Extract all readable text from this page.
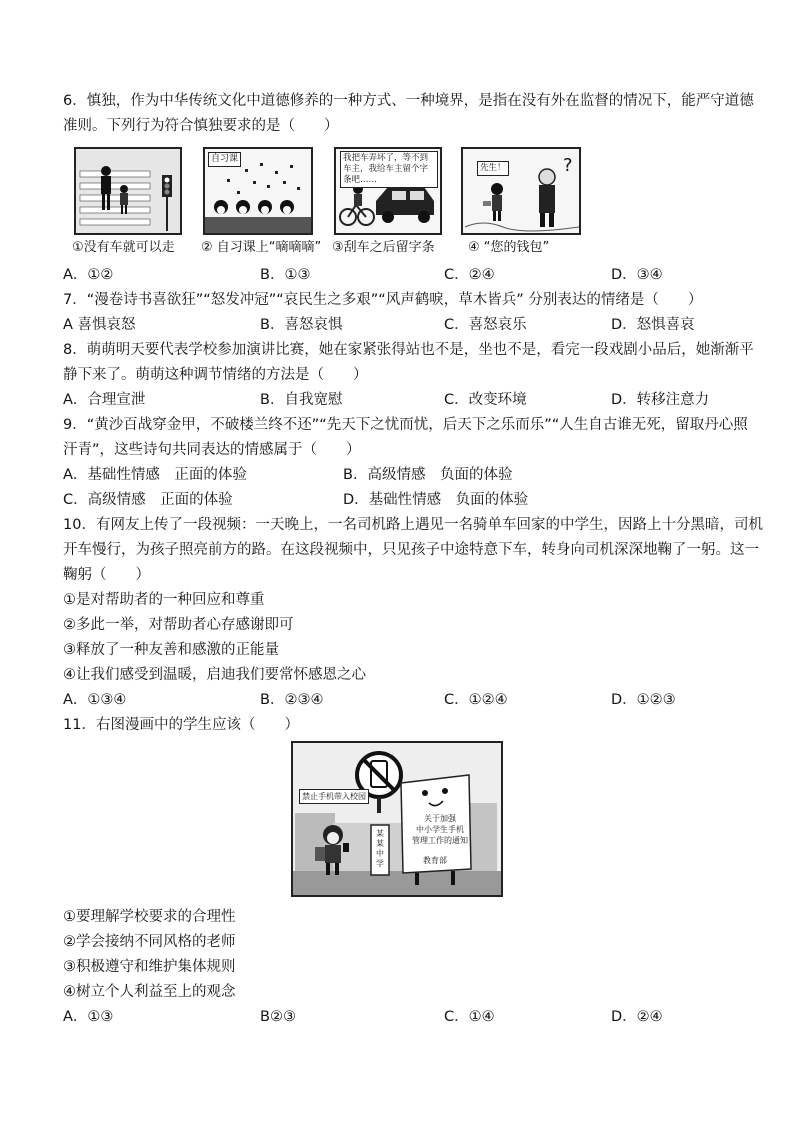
6．慎独，作为中华传统文化中道德修养的一种方式、一种境界，是指在没有外在监督的情况下，能严守道德
准则。下列行为符合慎独要求的是（　　）
①没有车就可以走
自习课
② 自习课上“嘀嘀嘀”
我把车弄坏了，等不到车主，我给车主留个字条吧……
③刮车之后留字条
?
先生！
④ “您的钱包”
A．①②	B．①③	C．②④	D．③④
7．“漫卷诗书喜欲狂”“怒发冲冠”“哀民生之多艰”“风声鹤唳，草木皆兵” 分别表达的情绪是（　　）
A 喜惧哀怒	B．喜怒哀惧	C．喜怒哀乐	D．怒惧喜哀
8．萌萌明天要代表学校参加演讲比赛，她在家紧张得站也不是，坐也不是，看完一段戏剧小品后，她渐渐平
静下来了。萌萌这种调节情绪的方法是（　　）
A．合理宣泄	B．自我宽慰	C．改变环境	D．转移注意力
9．“黄沙百战穿金甲，不破楼兰终不还”“先天下之忧而忧，后天下之乐而乐”“人生自古谁无死，留取丹心照
汗青”，这些诗句共同表达的情感属于（　　）
A．基础性情感　正面的体验	B．高级情感　负面的体验
C．高级情感　正面的体验	D．基础性情感　负面的体验
10．有网友上传了一段视频：一天晚上，一名司机路上遇见一名骑单车回家的中学生，因路上十分黑暗，司机
开车慢行，为孩子照亮前方的路。在这段视频中，只见孩子中途特意下车，转身向司机深深地鞠了一躬。这一
鞠躬（　　）
①是对帮助者的一种回应和尊重
②多此一举，对帮助者心存感谢即可
③释放了一种友善和感激的正能量
④让我们感受到温暖，启迪我们要常怀感恩之心
A．①③④	B．②③④	C．①②④	D．①②③
11．右图漫画中的学生应该（　　）
禁止手机带入校园
某某中学
关于加强
中小学生手机
管理工作的通知
教育部
①要理解学校要求的合理性
②学会接纳不同风格的老师
③积极遵守和维护集体规则
④树立个人利益至上的观念
A．①③	B②③	C．①④	D．②④
